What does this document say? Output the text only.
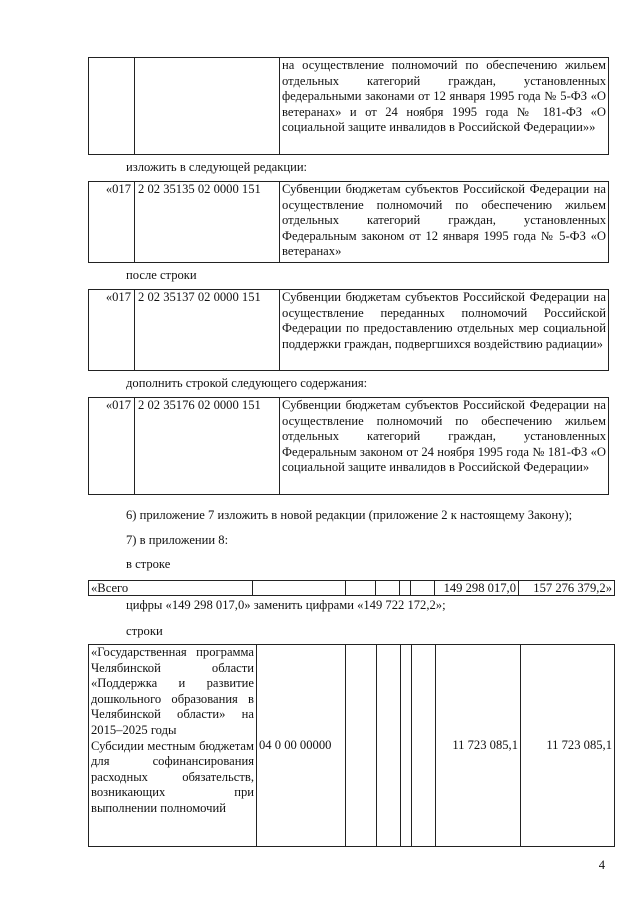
		на осуществление полномочий по обеспечению жильем отдельных категорий граждан, установленных федеральными законами от 12 января 1995 года № 5-ФЗ «О ветеранах» и от 24 ноября 1995 года № 181-ФЗ «О социальной защите инвалидов в Российской Федерации»»
изложить в следующей редакции:
«017	2 02 35135 02 0000 151	Субвенции бюджетам субъектов Российской Федерации на осуществление полномочий по обеспечению жильем отдельных категорий граждан, установленных Федеральным законом от 12 января 1995 года № 5-ФЗ «О ветеранах»
после строки
«017	2 02 35137 02 0000 151	Субвенции бюджетам субъектов Российской Федерации на осуществление переданных полномочий Российской Федерации по предоставлению отдельных мер социальной поддержки граждан, подвергшихся воздействию радиации»
дополнить строкой следующего содержания:
«017	2 02 35176 02 0000 151	Субвенции бюджетам субъектов Российской Федерации на осуществление полномочий по обеспечению жильем отдельных категорий граждан, установленных Федеральным законом от 24 ноября 1995 года № 181-ФЗ «О социальной защите инвалидов в Российской Федерации»
6) приложение 7 изложить в новой редакции (приложение 2 к настоящему Закону);
7) в приложении 8:
в строке
«Всего						149 298 017,0	157 276 379,2»
цифры «149 298 017,0» заменить цифрами «149 722 172,2»;
строки
«Государственная программа Челябинской области «Поддержка и развитие дошкольного образования в Челябинской области» на 2015–2025 годы
Субсидии местным бюджетам для софинансирования расходных обязательств, возникающих при выполнении полномочий
	04 0 00 00000					11 723 085,1	11 723 085,1
4
